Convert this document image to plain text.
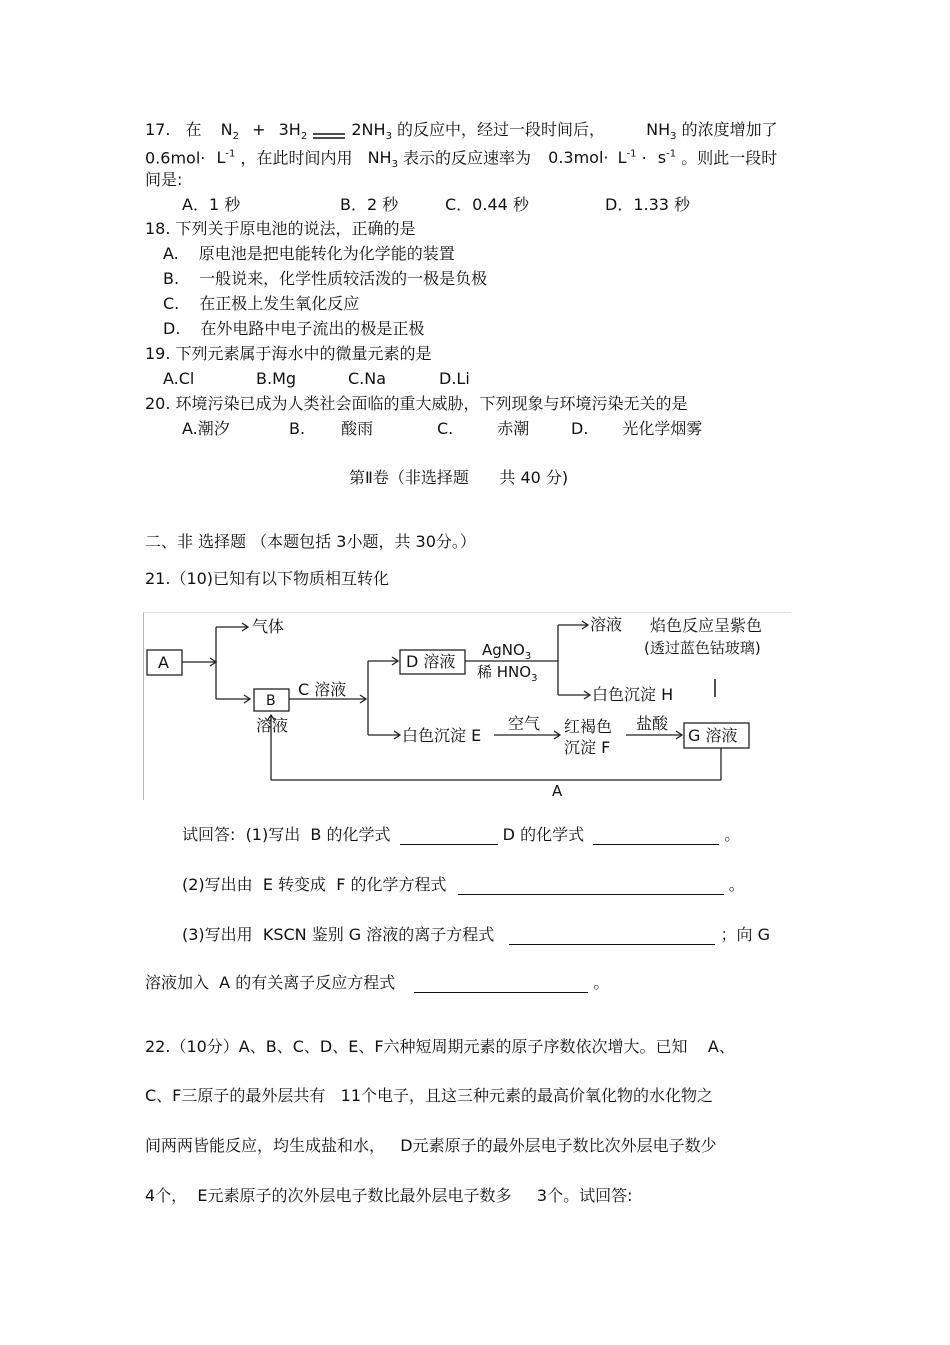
17. 在 $N_2 + 3H_2$	$2NH_3$ 的反应中，经过一段时间后，	$NH_3$ 的浓度增加了
$0.6mol\cdot L^{-1}$ ，在此时间内用 $NH_3$ 表示的反应速率为 $0.3mol\cdot L^{-1} \cdot s^{-1}$ 。则此一段时
间是:
A．1 秒	B．2 秒	C．0.44 秒	D．1.33 秒
18. 下列关于原电池的说法，正确的是
A. 原电池是把电能转化为化学能的装置
B. 一般说来，化学性质较活泼的一极是负极
C. 在正极上发生氧化反应
D. 在外电路中电子流出的极是正极
19. 下列元素属于海水中的微量元素的是
A.Cl	B.Mg	C.Na	D.Li
20. 环境污染已成为人类社会面临的重大威胁，下列现象与环境污染无关的是
A.潮汐	B. 酸雨	C.	赤潮	D. 光化学烟雾
第Ⅱ卷（非选择题      共 40 分)
二、非 选择题 （本题包括 3小题，共 30分。）
21.（10)已知有以下物质相互转化
A
气体
B
溶液
C 溶液
D 溶液
AgNO$_3$
稀 $HNO_3$
溶液 焰色反应呈紫色
(透过蓝色钴玻璃)
白色沉淀 H
白色沉淀 E
空气 红褐色
沉淀 F
盐酸
G 溶液
A
试回答:  (1)写出  B 的化学式	D 的化学式	。
(2)写出由  E 转变成  F 的化学方程式	。
(3)写出用  KSCN 鉴别 G 溶液的离子方程式	；向 G
溶液加入  A 的有关离子反应方程式	。
22.（10分）A、B、C、D、E、F六种短周期元素的原子序数依次增大。已知    A、
C、F三原子的最外层共有   11个电子，且这三种元素的最高价氧化物的水化物之
间两两皆能反应，均生成盐和水，   D元素原子的最外层电子数比次外层电子数少
4个，  E元素原子的次外层电子数比最外层电子数多     3个。试回答:
